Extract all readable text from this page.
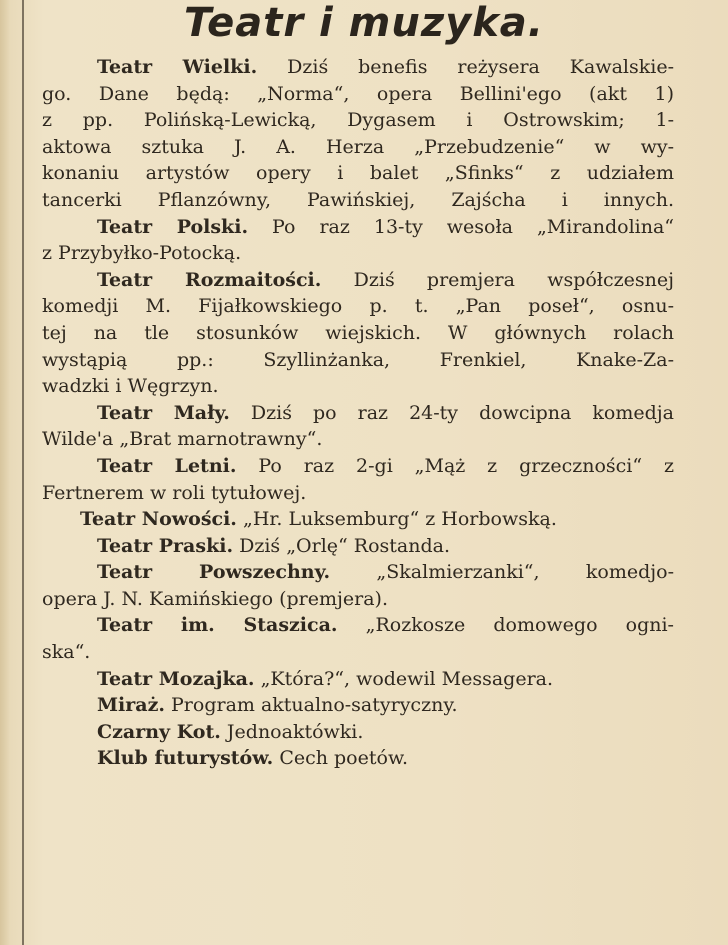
Teatr i muzyka.
Teatr Wielki. Dziś benefis reżysera Kawalskie-
go. Dane będą: „Norma“, opera Bellini'ego (akt 1)
z pp. Polińską-Lewicką, Dygasem i Ostrowskim; 1-
aktowa sztuka J. A. Herza „Przebudzenie“ w wy-
konaniu artystów opery i balet „Sfinks“ z udziałem
tancerki Pflanzówny, Pawińskiej, Zajścha i innych.
Teatr Polski. Po raz 13-ty wesoła „Mirandolina“
z Przybyłko-Potocką.
Teatr Rozmaitości. Dziś premjera współczesnej
komedji M. Fijałkowskiego p. t. „Pan poseł“, osnu-
tej na tle stosunków wiejskich. W głównych rolach
wystąpią pp.: Szyllinżanka, Frenkiel, Knake-Za-
wadzki i Węgrzyn.
Teatr Mały. Dziś po raz 24-ty dowcipna komedja
Wilde'a „Brat marnotrawny“.
Teatr Letni. Po raz 2-gi „Mąż z grzeczności“ z
Fertnerem w roli tytułowej.
Teatr Nowości. „Hr. Luksemburg“ z Horbowską.
Teatr Praski. Dziś „Orlę“ Rostanda.
Teatr Powszechny. „Skalmierzanki“, komedjo-
opera J. N. Kamińskiego (premjera).
Teatr im. Staszica. „Rozkosze domowego ogni-
ska“.
Teatr Mozajka. „Która?“, wodewil Messagera.
Miraż. Program aktualno-satyryczny.
Czarny Kot. Jednoaktówki.
Klub futurystów. Cech poetów.
